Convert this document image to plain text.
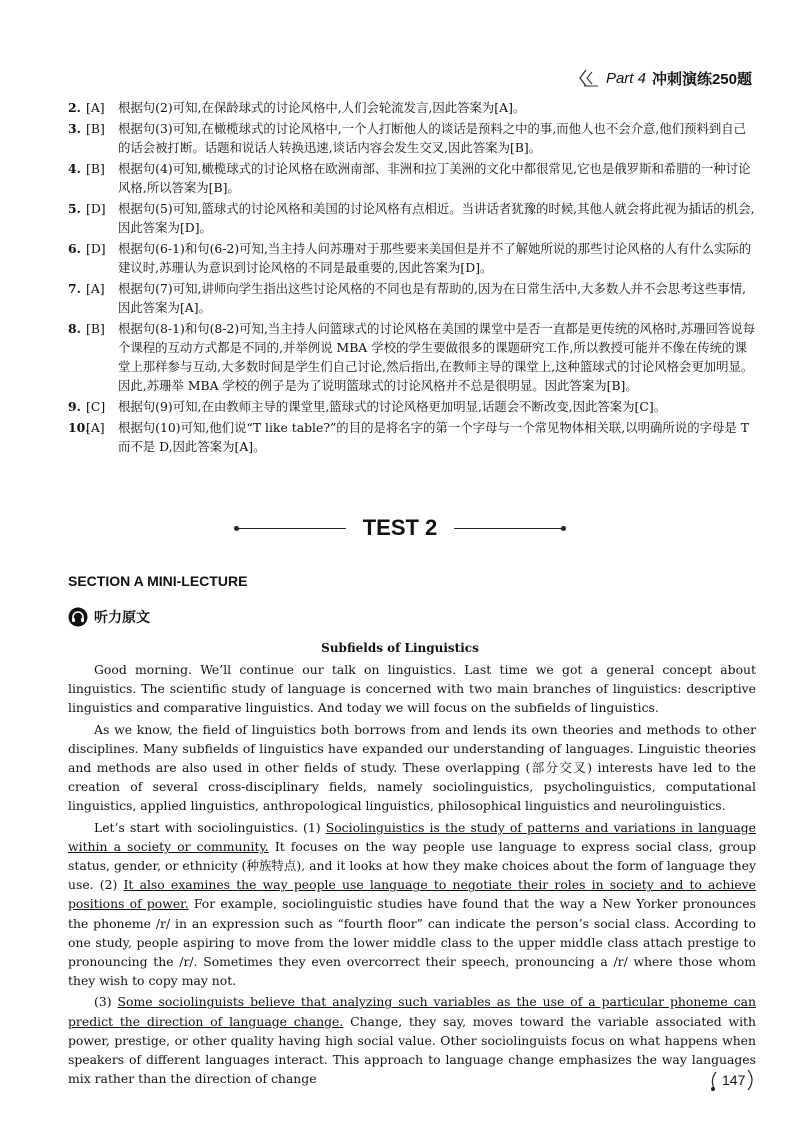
Part 4 冲刺演练250题
2. [A] 根据句(2)可知,在保龄球式的讨论风格中,人们会轮流发言,因此答案为[A]。
3. [B] 根据句(3)可知,在橄榄球式的讨论风格中,一个人打断他人的谈话是预料之中的事,而他人也不会介意,他们预料到自己的话会被打断。话题和说话人转换迅速,谈话内容会发生交叉,因此答案为[B]。
4. [B] 根据句(4)可知,橄榄球式的讨论风格在欧洲南部、非洲和拉丁美洲的文化中都很常见,它也是俄罗斯和希腊的一种讨论风格,所以答案为[B]。
5. [D] 根据句(5)可知,篮球式的讨论风格和美国的讨论风格有点相近。当讲话者犹豫的时候,其他人就会将此视为插话的机会,因此答案为[D]。
6. [D] 根据句(6-1)和句(6-2)可知,当主持人问苏珊对于那些要来美国但是并不了解她所说的那些讨论风格的人有什么实际的建议时,苏珊认为意识到讨论风格的不同是最重要的,因此答案为[D]。
7. [A] 根据句(7)可知,讲师向学生指出这些讨论风格的不同也是有帮助的,因为在日常生活中,大多数人并不会思考这些事情,因此答案为[A]。
8. [B] 根据句(8-1)和句(8-2)可知,当主持人问篮球式的讨论风格在美国的课堂中是否一直都是更传统的风格时,苏珊回答说每个课程的互动方式都是不同的,并举例说 MBA 学校的学生要做很多的课题研究工作,所以教授可能并不像在传统的课堂上那样参与互动,大多数时间是学生们自己讨论,然后指出,在教师主导的课堂上,这种篮球式的讨论风格会更加明显。因此,苏珊举 MBA 学校的例子是为了说明篮球式的讨论风格并不总是很明显。因此答案为[B]。
9. [C] 根据句(9)可知,在由教师主导的课堂里,篮球式的讨论风格更加明显,话题会不断改变,因此答案为[C]。
10.
[A] 根据句(10)可知,他们说“T like table?”的目的是将名字的第一个字母与一个常见物体相关联,以明确所说的字母是 T 而不是 D,因此答案为[A]。
TEST 2
SECTION A MINI-LECTURE
听力原文
Subfields of Linguistics

Good morning. We’ll continue our talk on linguistics. Last time we got a general concept about linguistics. The scientific study of language is concerned with two main branches of linguistics: descriptive linguistics and comparative linguistics. And today we will focus on the subfields of linguistics.

As we know, the field of linguistics both borrows from and lends its own theories and methods to other disciplines. Many subfields of linguistics have expanded our understanding of languages. Linguistic theories and methods are also used in other fields of study. These overlapping (部分交叉) interests have led to the creation of several cross-disciplinary fields, namely sociolinguistics, psycholinguistics, computational linguistics, applied linguistics, anthropological linguistics, philosophical linguistics and neurolinguistics.

Let’s start with sociolinguistics. (1) Sociolinguistics is the study of patterns and variations in language within a society or community. It focuses on the way people use language to express social class, group status, gender, or ethnicity (种族特点), and it looks at how they make choices about the form of language they use. (2) It also examines the way people use language to negotiate their roles in society and to achieve positions of power. For example, sociolinguistic studies have found that the way a New Yorker pronounces the phoneme /r/ in an expression such as “fourth floor” can indicate the person’s social class. According to one study, people aspiring to move from the lower middle class to the upper middle class attach prestige to pronouncing the /r/. Sometimes they even overcorrect their speech, pronouncing a /r/ where those whom they wish to copy may not.

(3) Some sociolinguists believe that analyzing such variables as the use of a particular phoneme can predict the direction of language change. Change, they say, moves toward the variable associated with power, prestige, or other quality having high social value. Other sociolinguists focus on what happens when speakers of different languages interact. This approach to language change emphasizes the way languages mix rather than the direction of change	147
